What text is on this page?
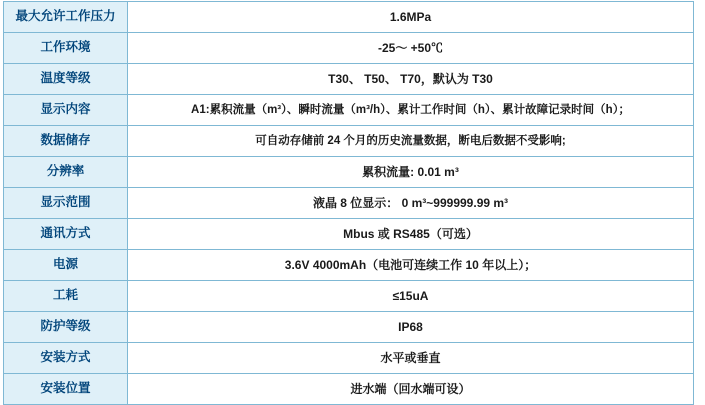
最大允许工作压力	1.6MPa
工作环境	-25～ +50℃
温度等级	T30、 T50、 T70，默认为 T30
显示内容	A1:累积流量（m³）、瞬时流量（m³/h）、累计工作时间（h）、累计故障记录时间（h）；
数据储存	可自动存储前 24 个月的历史流量数据，断电后数据不受影响;
分辨率	累积流量: 0.01 m³
显示范围	液晶 8 位显示： 0 m³~999999.99 m³
通讯方式	Mbus 或 RS485（可选）
电源	3.6V 4000mAh（电池可连续工作 10 年以上）；
工耗	≤15uA
防护等级	IP68
安装方式	水平或垂直
安装位置	进水端（回水端可设）
